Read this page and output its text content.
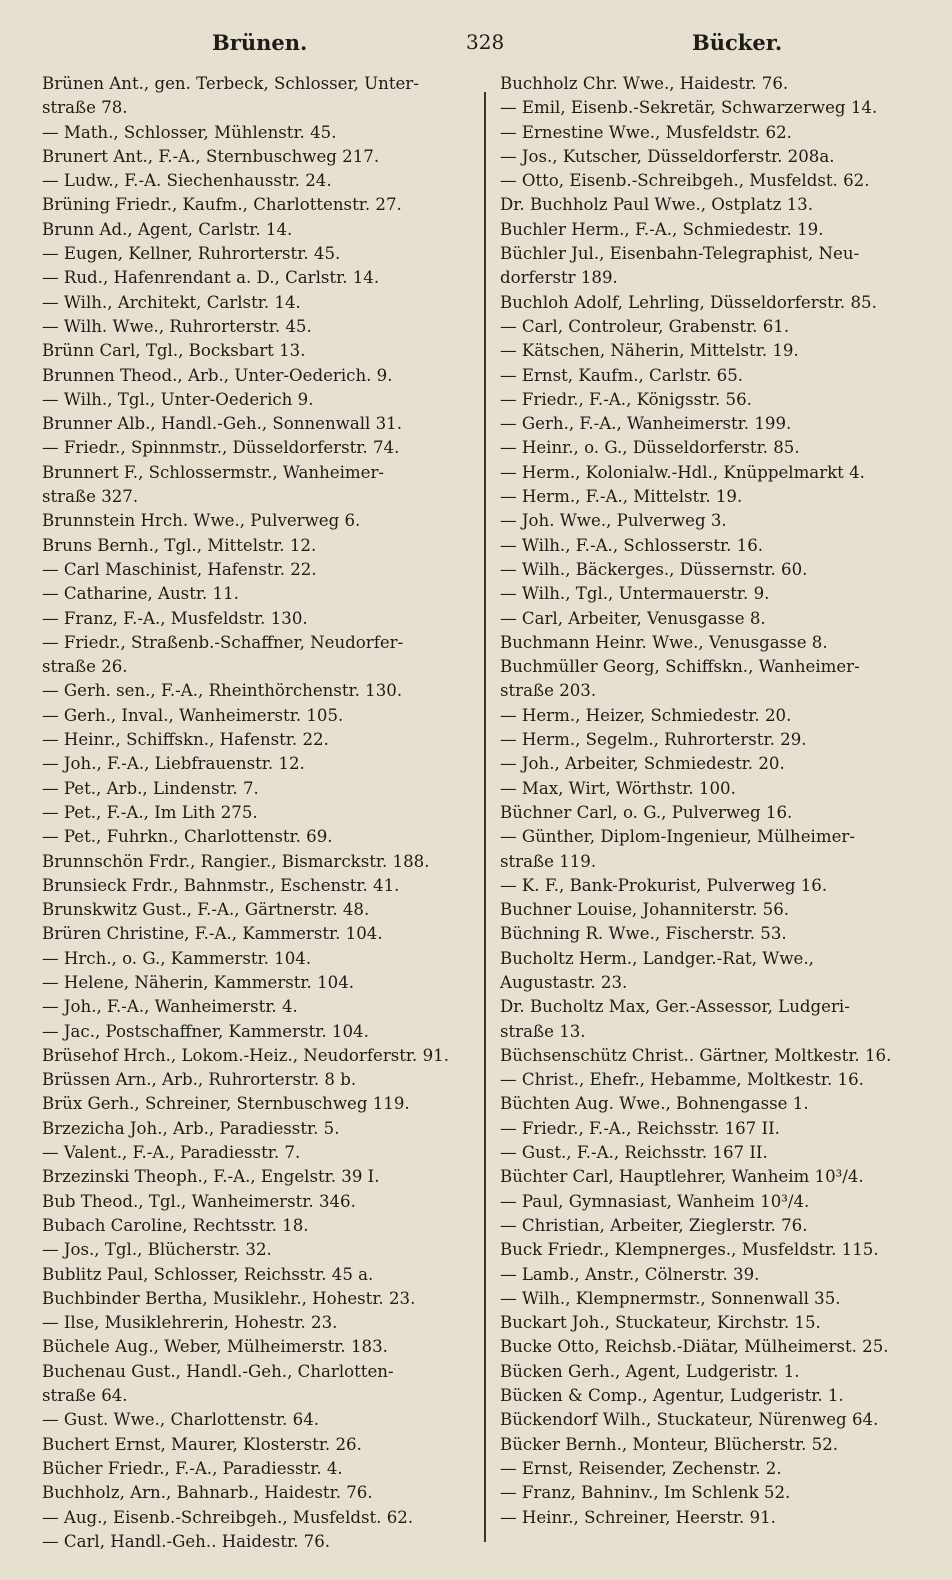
Brünen.	328	Bücker.

Brünen Ant., gen. Terbeck, Schlosser, Unter-
straße 78.

— Math., Schlosser, Mühlenstr. 45.

Brunert Ant., F.-A., Sternbuschweg 217.

— Ludw., F.-A. Siechenhausstr. 24.

Brüning Friedr., Kaufm., Charlottenstr. 27.

Brunn Ad., Agent, Carlstr. 14.

— Eugen, Kellner, Ruhrorterstr. 45.

— Rud., Hafenrendant a. D., Carlstr. 14.

— Wilh., Architekt, Carlstr. 14.

— Wilh. Wwe., Ruhrorterstr. 45.

Brünn Carl, Tgl., Bocksbart 13.

Brunnen Theod., Arb., Unter-Oederich. 9.

— Wilh., Tgl., Unter-Oederich 9.

Brunner Alb., Handl.-Geh., Sonnenwall 31.

— Friedr., Spinnmstr., Düsseldorferstr. 74.

Brunnert F., Schlossermstr., Wanheimer-
straße 327.

Brunnstein Hrch. Wwe., Pulverweg 6.

Bruns Bernh., Tgl., Mittelstr. 12.

— Carl Maschinist, Hafenstr. 22.

— Catharine, Austr. 11.

— Franz, F.-A., Musfeldstr. 130.

— Friedr., Straßenb.-Schaffner, Neudorfer-
straße 26.

— Gerh. sen., F.-A., Rheinthörchenstr. 130.

— Gerh., Inval., Wanheimerstr. 105.

— Heinr., Schiffskn., Hafenstr. 22.

— Joh., F.-A., Liebfrauenstr. 12.

— Pet., Arb., Lindenstr. 7.

— Pet., F.-A., Im Lith 275.

— Pet., Fuhrkn., Charlottenstr. 69.

Brunnschön Frdr., Rangier., Bismarckstr. 188.

Brunsieck Frdr., Bahnmstr., Eschenstr. 41.

Brunskwitz Gust., F.-A., Gärtnerstr. 48.

Brüren Christine, F.-A., Kammerstr. 104.

— Hrch., o. G., Kammerstr. 104.

— Helene, Näherin, Kammerstr. 104.

— Joh., F.-A., Wanheimerstr. 4.

— Jac., Postschaffner, Kammerstr. 104.

Brüsehof Hrch., Lokom.-Heiz., Neudorferstr. 91.

Brüssen Arn., Arb., Ruhrorterstr. 8 b.

Brüx Gerh., Schreiner, Sternbuschweg 119.

Brzezicha Joh., Arb., Paradiesstr. 5.

— Valent., F.-A., Paradiesstr. 7.

Brzezinski Theoph., F.-A., Engelstr. 39 I.

Bub Theod., Tgl., Wanheimerstr. 346.

Bubach Caroline, Rechtsstr. 18.

— Jos., Tgl., Blücherstr. 32.

Bublitz Paul, Schlosser, Reichsstr. 45 a.

Buchbinder Bertha, Musiklehr., Hohestr. 23.

— Ilse, Musiklehrerin, Hohestr. 23.

Büchele Aug., Weber, Mülheimerstr. 183.

Buchenau Gust., Handl.-Geh., Charlotten-
straße 64.

— Gust. Wwe., Charlottenstr. 64.

Buchert Ernst, Maurer, Klosterstr. 26.

Bücher Friedr., F.-A., Paradiesstr. 4.

Buchholz, Arn., Bahnarb., Haidestr. 76.

— Aug., Eisenb.-Schreibgeh., Musfeldst. 62.

— Carl, Handl.-Geh.. Haidestr. 76.

Buchholz Chr. Wwe., Haidestr. 76.

— Emil, Eisenb.-Sekretär, Schwarzerweg 14.

— Ernestine Wwe., Musfeldstr. 62.

— Jos., Kutscher, Düsseldorferstr. 208a.

— Otto, Eisenb.-Schreibgeh., Musfeldst. 62.

Dr. Buchholz Paul Wwe., Ostplatz 13.

Buchler Herm., F.-A., Schmiedestr. 19.

Büchler Jul., Eisenbahn-Telegraphist, Neu-
dorferstr 189.

Buchloh Adolf, Lehrling, Düsseldorferstr. 85.

— Carl, Controleur, Grabenstr. 61.

— Kätschen, Näherin, Mittelstr. 19.

— Ernst, Kaufm., Carlstr. 65.

— Friedr., F.-A., Königsstr. 56.

— Gerh., F.-A., Wanheimerstr. 199.

— Heinr., o. G., Düsseldorferstr. 85.

— Herm., Kolonialw.-Hdl., Knüppelmarkt 4.

— Herm., F.-A., Mittelstr. 19.

— Joh. Wwe., Pulverweg 3.

— Wilh., F.-A., Schlosserstr. 16.

— Wilh., Bäckerges., Düssernstr. 60.

— Wilh., Tgl., Untermauerstr. 9.

— Carl, Arbeiter, Venusgasse 8.

Buchmann Heinr. Wwe., Venusgasse 8.

Buchmüller Georg, Schiffskn., Wanheimer-
straße 203.

— Herm., Heizer, Schmiedestr. 20.

— Herm., Segelm., Ruhrorterstr. 29.

— Joh., Arbeiter, Schmiedestr. 20.

— Max, Wirt, Wörthstr. 100.

Büchner Carl, o. G., Pulverweg 16.

— Günther, Diplom-Ingenieur, Mülheimer-
straße 119.

— K. F., Bank-Prokurist, Pulverweg 16.

Buchner Louise, Johanniterstr. 56.

Büchning R. Wwe., Fischerstr. 53.

Bucholtz Herm., Landger.-Rat, Wwe.,
Augustastr. 23.

Dr. Bucholtz Max, Ger.-Assessor, Ludgeri-
straße 13.

Büchsenschütz Christ.. Gärtner, Moltkestr. 16.

— Christ., Ehefr., Hebamme, Moltkestr. 16.

Büchten Aug. Wwe., Bohnengasse 1.

— Friedr., F.-A., Reichsstr. 167 II.

— Gust., F.-A., Reichsstr. 167 II.

Büchter Carl, Hauptlehrer, Wanheim 10³/4.

— Paul, Gymnasiast, Wanheim 10³/4.

— Christian, Arbeiter, Zieglerstr. 76.

Buck Friedr., Klempnerges., Musfeldstr. 115.

— Lamb., Anstr., Cölnerstr. 39.

— Wilh., Klempnermstr., Sonnenwall 35.

Buckart Joh., Stuckateur, Kirchstr. 15.

Bucke Otto, Reichsb.-Diätar, Mülheimerst. 25.

Bücken Gerh., Agent, Ludgeristr. 1.

Bücken & Comp., Agentur, Ludgeristr. 1.

Bückendorf Wilh., Stuckateur, Nürenweg 64.

Bücker Bernh., Monteur, Blücherstr. 52.

— Ernst, Reisender, Zechenstr. 2.

— Franz, Bahninv., Im Schlenk 52.

— Heinr., Schreiner, Heerstr. 91.
